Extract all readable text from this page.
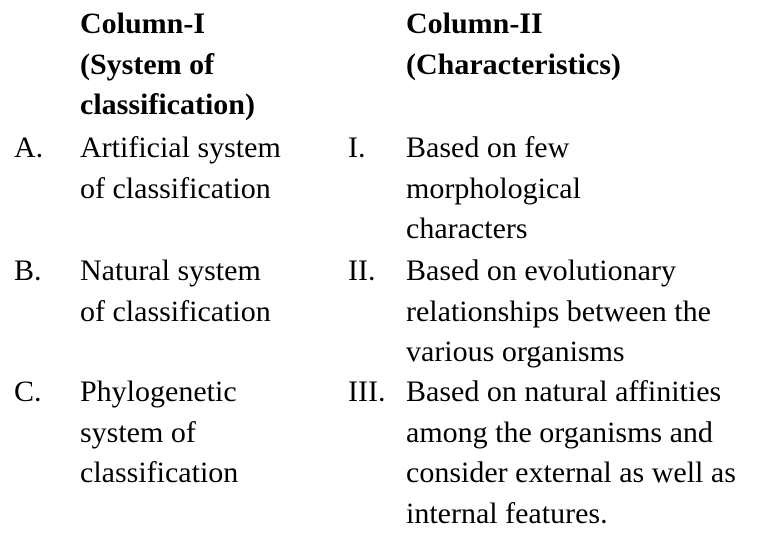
Column-I
(System of
classification)
Column-II
(Characteristics)
A. Artificial system
of classification
I. Based on few
morphological
characters
B. Natural system
of classification
II. Based on evolutionary
relationships between the
various organisms
C. Phylogenetic
system of
classification
III. Based on natural affinities
among the organisms and
consider external as well as
internal features.
